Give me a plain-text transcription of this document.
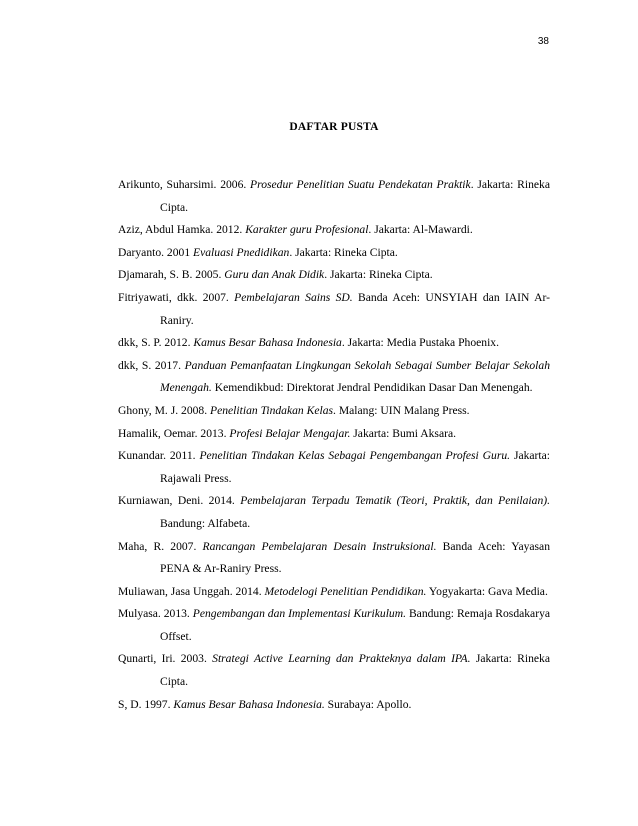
38
DAFTAR PUSTA
Arikunto, Suharsimi. 2006. Prosedur Penelitian Suatu Pendekatan Praktik. Jakarta: Rineka Cipta.
Aziz, Abdul Hamka. 2012. Karakter guru Profesional. Jakarta: Al-Mawardi.
Daryanto. 2001 Evaluasi Pnedidikan. Jakarta: Rineka Cipta.
Djamarah, S. B. 2005. Guru dan Anak Didik. Jakarta: Rineka Cipta.
Fitriyawati, dkk. 2007. Pembelajaran Sains SD. Banda Aceh: UNSYIAH dan IAIN Ar-Raniry.
dkk, S. P. 2012. Kamus Besar Bahasa Indonesia. Jakarta: Media Pustaka Phoenix.
dkk, S. 2017. Panduan Pemanfaatan Lingkungan Sekolah Sebagai Sumber Belajar Sekolah Menengah. Kemendikbud: Direktorat Jendral Pendidikan Dasar Dan Menengah.
Ghony, M. J. 2008. Penelitian Tindakan Kelas. Malang: UIN Malang Press.
Hamalik, Oemar. 2013. Profesi Belajar Mengajar. Jakarta: Bumi Aksara.
Kunandar. 2011. Penelitian Tindakan Kelas Sebagai Pengembangan Profesi Guru. Jakarta: Rajawali Press.
Kurniawan, Deni. 2014. Pembelajaran Terpadu Tematik (Teori, Praktik, dan Penilaian). Bandung: Alfabeta.
Maha, R. 2007. Rancangan Pembelajaran Desain Instruksional. Banda Aceh: Yayasan PENA & Ar-Raniry Press.
Muliawan, Jasa Unggah. 2014. Metodelogi Penelitian Pendidikan. Yogyakarta: Gava Media.
Mulyasa. 2013. Pengembangan dan Implementasi Kurikulum. Bandung: Remaja Rosdakarya Offset.
Qunarti, Iri. 2003. Strategi Active Learning dan Prakteknya dalam IPA. Jakarta: Rineka Cipta.
S, D. 1997. Kamus Besar Bahasa Indonesia. Surabaya: Apollo.
